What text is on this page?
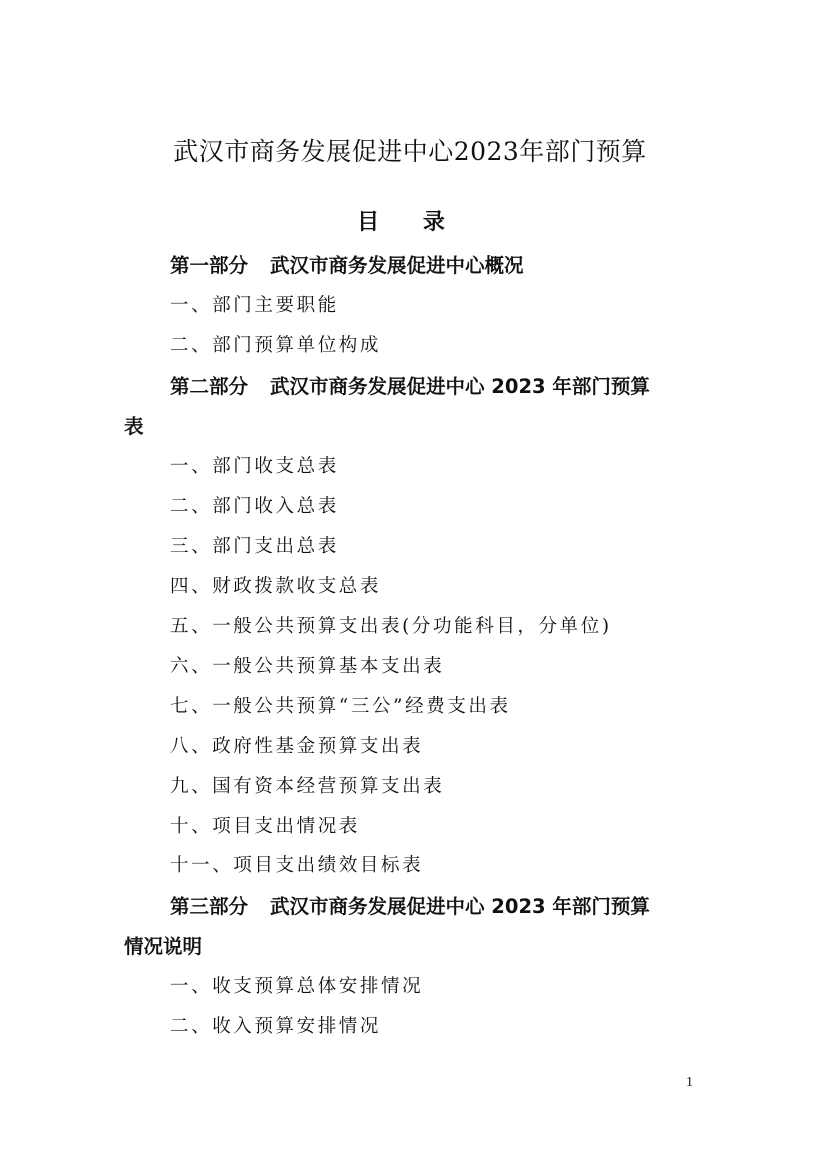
武汉市商务发展促进中心2023年部门预算
目 录
第一部分 武汉市商务发展促进中心概况
一、部门主要职能
二、部门预算单位构成
第二部分 武汉市商务发展促进中心 2023 年部门预算
表
一、部门收支总表
二、部门收入总表
三、部门支出总表
四、财政拨款收支总表
五、一般公共预算支出表(分功能科目，分单位)
六、一般公共预算基本支出表
七、一般公共预算“三公”经费支出表
八、政府性基金预算支出表
九、国有资本经营预算支出表
十、项目支出情况表
十一、项目支出绩效目标表
第三部分 武汉市商务发展促进中心 2023 年部门预算
情况说明
一、收支预算总体安排情况
二、收入预算安排情况
1
